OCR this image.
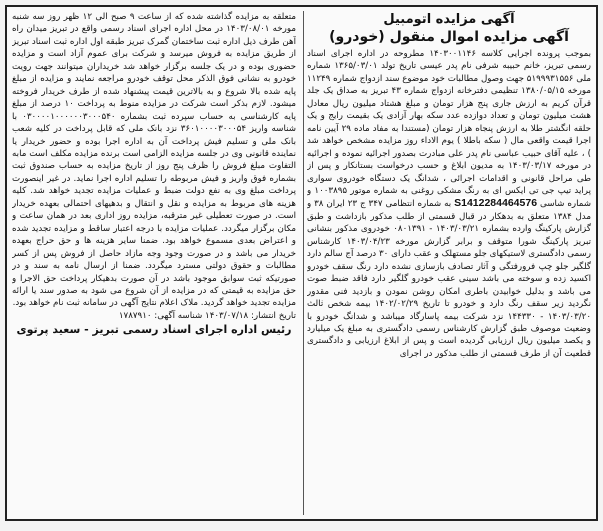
آگهی مزایده اتومبیل

آگهی مزایده اموال منقول (خودرو)

بموجب پرونده اجرایی کلاسه ۱۴۰۳۰۰۱۱۴۶ مطروحه در اداره اجرای اسناد رسمی تبریز، خانم حبیبه شرفی نام پدر عیسی تاریخ تولد ۱۳۶۵/۰۳/۰۱ شماره ملی ۵۱۹۹۹۳۱۵۵۶ جهت وصول مطالبات خود موضوع سند ازدواج شماره ۱۱۲۴۹ مورخه ۱۳۸۰/۰۵/۱۵ تنظیمی دفترخانه ازدواج شماره ۴۳ تبریز به صداق یک جلد قرآن کریم به ارزش جاری پنج هزار تومان و مبلغ هشتاد میلیون ریال معادل هشت میلیون تومان و تعداد دوازده عدد سکه بهار آزادی یک بقیمت رایج و یک حلقه انگشتر طلا به ارزش پنجاه هزار تومان (مستندا به مفاد ماده ۲۹ آیین نامه اجرا قیمت واقعی مال ( سکه باطلا ) یوم الاداء روز مزایده مشخص خواهد شد ) ، علیه آقای حبیب عباسی نام پدر علی مبادرت بصدور اجرائیه نموده و اجرائیه در مورخه ۱۴۰۳/۰۳/۱۷ به مدیون ابلاغ و حسب درخواست بستانکار و پس از طی مراحل قانونی و اقدامات اجرائی ، شدانگ یک دستگاه خودروی سواری پراید تیپ جی تی ایکس ای به رنگ مشکی روغنی به شماره موتور ۱۰۰۳۸۹۵ و شماره شاسی S1412284464576 به شماره انتظامی ۳۴۷ ج ۲۳ ایران ۳۸ و مدل ۱۳۸۴ متعلق به بدهکار در قبال قسمتی از طلب مذکور بازداشت و طبق گزارش پارکینگ وارده بشماره ۱۴۰۳/۰۳/۲۱ - ۰۸۰۱۳۹۱ خودروی مذکور بنشانی تبریز پارکینگ شورا متوقف و برابر گزارش مورخه ۱۴۰۳/۰۴/۲۳ کارشناس رسمی دادگستری لاستیکهای جلو مستهلک و عقب دارای ۳۰ درصد آج سالم دارد گلگیر جلو چپ فرورفتگی و آثار تصادف بازسازی نشده دارد رنگ سقف خودرو اکسید زده و سوخته می باشد سینی عقب خودرو گلگیر دارد فاقد ضبط صوت می باشد و بدلیل خوابیدن باطری امکان روشن نمودن و بازدید فنی مقدور نگردید زیر سقف رنگ دارد و خودرو تا تاریخ ۱۴۰۲/۰۲/۲۹ بیمه شخص ثالث ۱۴۰۳/۰۳/۲۰ - ۱۴۴۳۳۰ نزد شرکت بیمه پاسارگاد میباشد و شدانگ خودرو با وضعیت موصوف طبق گزارش کارشناس رسمی دادگستری به مبلغ یک میلیارد و یکصد میلیون ریال ارزیابی گردیده است و پس از ابلاغ ارزیابی و دادگستری قطعیت آن از طرف قسمتی از طلب مذکور در اجرای

متعلقه به مزایده گذاشته شده که از ساعت ۹ صبح الی ۱۲ ظهر روز سه شنبه مورخه ۱۴۰۳/۰۸/۰۱ در محل اداره اجرای اسناد رسمی واقع در تبریز میدان راه آهن طرف ذیل اداره ثبت ساختمان گمرک تبریز طبقه اول اداره ثبت اسناد تبریز از طریق مزایده به فروش میرسد و شرکت برای عموم آزاد است و مزایده حضوری بوده و در یک جلسه برگزار خواهد شد خریداران میتوانند جهت رویت خودرو به نشانی فوق الذکر محل توقف خودرو مراجعه نمایند و مزایده از مبلغ پایه شده بالا شروع و به بالاترین قیمت پیشنهاد شده از طرف خریدار فروخته میشود. لازم بذکر است شرکت در مزایده منوط به پرداخت ۱۰ درصد از مبلغ پایه کارشناسی به حساب سپرده ثبت بشماره ۰۳۰۰۰۰۱۰۰۰۰۰۰۳۰۰۰۵۴۰ با شناسه واریز ۳۶۰۱۰۰۰۰۳۰۰۰۵۴ نزد بانک ملی که قابل پرداخت در کلیه شعب بانک ملی و تسلیم فیش پرداخت آن به اداره اجرا بوده و حضور خریدار یا نماینده قانونی وی در جلسه مزایده الزامی است برنده مزایده مکلف است مابه التفاوت مبلغ فروش را ظرف پنج روز از تاریخ مزایده به حساب صندوق ثبت بشماره فوق واریز و فیش مربوطه را تسلیم اداره اجرا نماید. در غیر اینصورت پرداخت مبلغ وی به نفع دولت ضبط و عملیات مزایده تجدید خواهد شد. کلیه هزینه های مربوط به مزایده و نقل و انتقال و بدهیهای احتمالی بعهده خریدار است. در صورت تعطیلی غیر مترقبه، مزایده روز اداری بعد در همان ساعت و مکان برگزار میگردد. عملیات مزایده با درجه اعتبار ساقط و مزایده تجدید شده و اعتراض بعدی مسموع خواهد بود. ضمنا سایر هزینه ها و حق حراج بعهده خریدار می باشد و در صورت وجود وجه مازاد حاصل از فروش پس از کسر مطالبات و حقوق دولتی مسترد میگردد. ضمنا از ارسال نامه به سند و در صورتیکه ثبت سوابق موجود باشد در آن صورت بدهیکار پرداخت حق الاجرا و حق مزایده به قیمتی که در مزایده از آن شروع می شود به صدور سند یا ارائه مزایده تجدید خواهد گردید. ملاک اعلام نتایج آگهی در سامانه ثبت نام خواهد بود.

تاریخ انتشار: ۱۴۰۳/۰۷/۱۸ شناسه آگهی: ۱۷۸۷۹۱۰

رئیس اداره اجرای اسناد رسمی تبریز - سعید پرتوی
